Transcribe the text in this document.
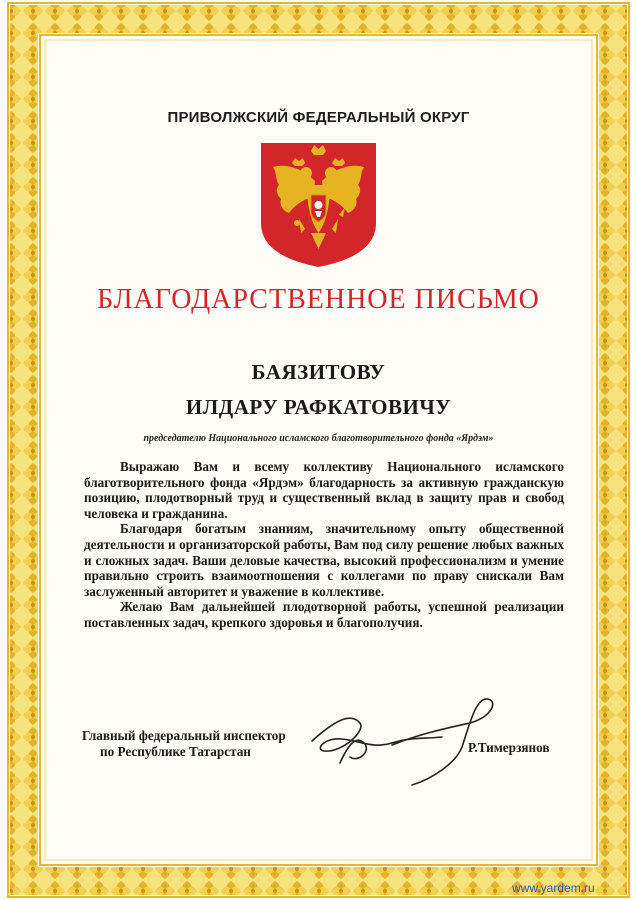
ПРИВОЛЖСКИЙ ФЕДЕРАЛЬНЫЙ ОКРУГ
БЛАГОДАРСТВЕННОЕ ПИСЬМО
БАЯЗИТОВУ
ИЛДАРУ РАФКАТОВИЧУ
председателю Национального исламского благотворительного фонда «Ярдэм»

Выражаю Вам и всему коллективу Национального исламского благотворительного фонда «Ярдэм» благодарность за активную гражданскую позицию, плодотворный труд и существенный вклад в защиту прав и свобод человека и гражданина.

Благодаря богатым знаниям, значительному опыту общественной деятельности и организаторской работы, Вам под силу решение любых важных и сложных задач. Ваши деловые качества, высокий профессионализм и умение правильно строить взаимоотношения с коллегами по праву снискали Вам заслуженный авторитет и уважение в коллективе.

Желаю Вам дальнейшей плодотворной работы, успешной реализации поставленных задач, крепкого здоровья и благополучия.

Главный федеральный инспектор
по Республике Татарстан	Р.Тимерзянов
www.yardem.ru
